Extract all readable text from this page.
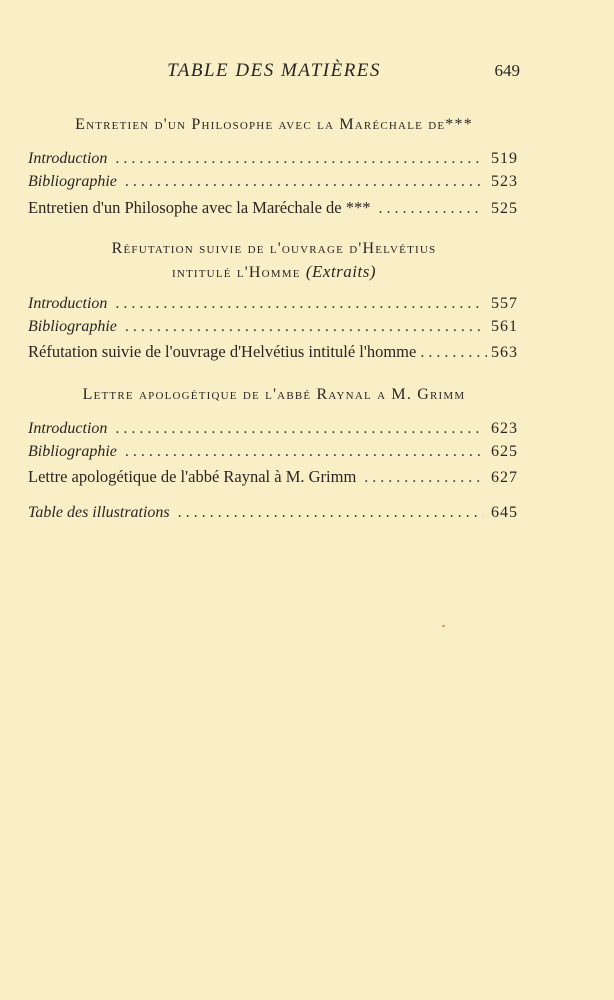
TABLE DES MATIÈRES	649
Entretien d'un Philosophe avec la Maréchale de***
Introduction . . .	519
Bibliographie . . .	523
Entretien d'un Philosophe avec la Maréchale de *** . . .	525
Réfutation suivie de l'ouvrage d'Helvétius
intitulé l'Homme (Extraits)
Introduction . . .	557
Bibliographie . . .	561
Réfutation suivie de l'ouvrage d'Helvétius intitulé l'homme . . .	563
Lettre apologétique de l'abbé Raynal a M. Grimm
Introduction . . .	623
Bibliographie . . .	625
Lettre apologétique de l'abbé Raynal à M. Grimm . . .	627
Table des illustrations . . .	645
